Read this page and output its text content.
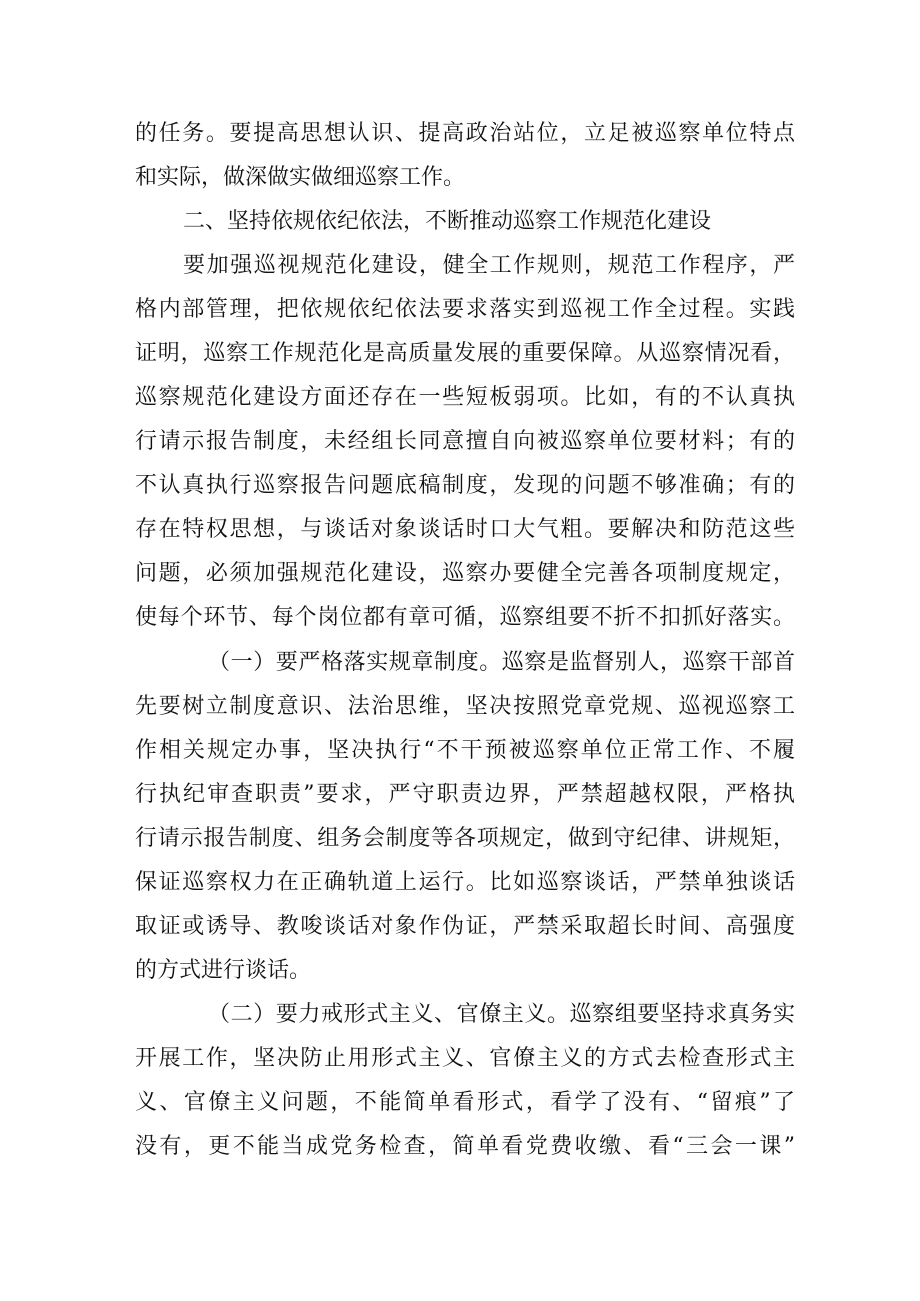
的任务。要提高思想认识、提高政治站位，立足被巡察单位特点

和实际，做深做实做细巡察工作。

二、坚持依规依纪依法，不断推动巡察工作规范化建设

要加强巡视规范化建设，健全工作规则，规范工作程序，严

格内部管理，把依规依纪依法要求落实到巡视工作全过程。实践

证明，巡察工作规范化是高质量发展的重要保障。从巡察情况看，

巡察规范化建设方面还存在一些短板弱项。比如，有的不认真执

行请示报告制度，未经组长同意擅自向被巡察单位要材料；有的

不认真执行巡察报告问题底稿制度，发现的问题不够准确；有的

存在特权思想，与谈话对象谈话时口大气粗。要解决和防范这些

问题，必须加强规范化建设，巡察办要健全完善各项制度规定，

使每个环节、每个岗位都有章可循，巡察组要不折不扣抓好落实。

（一）要严格落实规章制度。巡察是监督别人，巡察干部首

先要树立制度意识、法治思维，坚决按照党章党规、巡视巡察工

作相关规定办事，坚决执行“不干预被巡察单位正常工作、不履

行执纪审查职责”要求，严守职责边界，严禁超越权限，严格执

行请示报告制度、组务会制度等各项规定，做到守纪律、讲规矩，

保证巡察权力在正确轨道上运行。比如巡察谈话，严禁单独谈话

取证或诱导、教唆谈话对象作伪证，严禁采取超长时间、高强度

的方式进行谈话。

（二）要力戒形式主义、官僚主义。巡察组要坚持求真务实

开展工作，坚决防止用形式主义、官僚主义的方式去检查形式主

义、官僚主义问题，不能简单看形式，看学了没有、“留痕”了

没有，更不能当成党务检查，简单看党费收缴、看“三会一课”
